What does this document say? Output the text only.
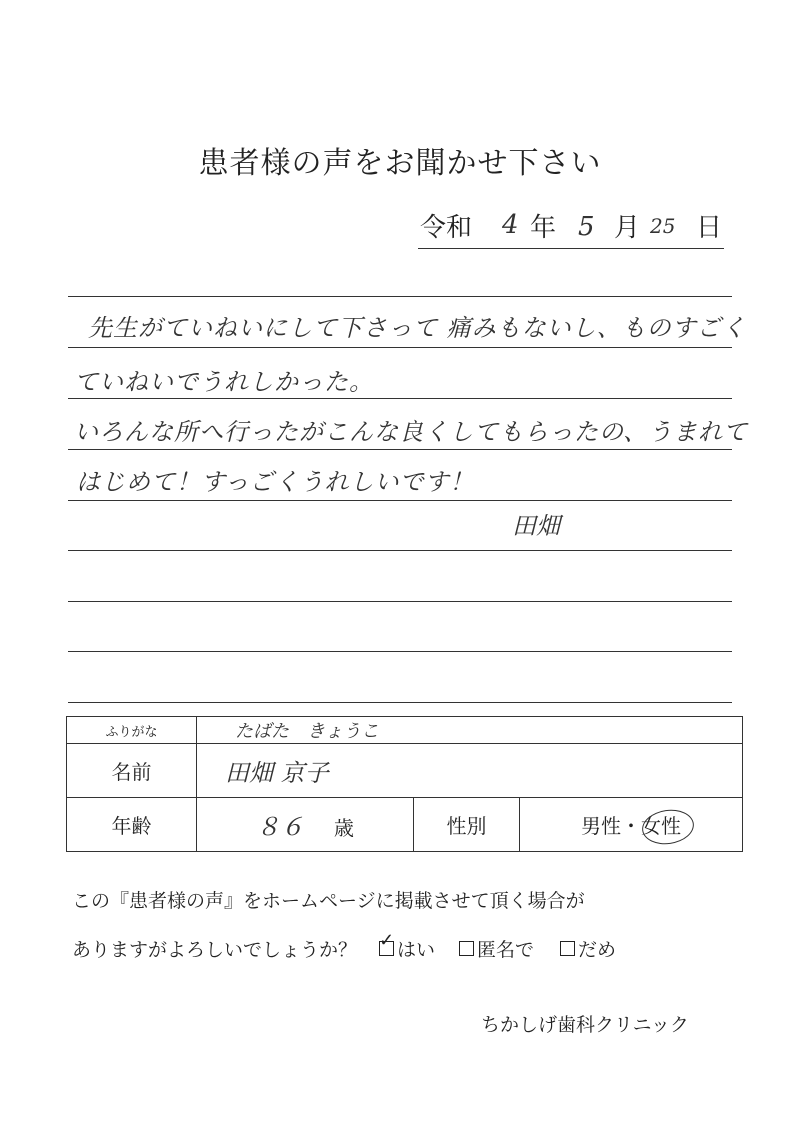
患者様の声をお聞かせ下さい
令和 4 年 5 月 25 日
先生がていねいにして下さって 痛みもないし、ものすごく
ていねいでうれしかった。
いろんな所へ行ったがこんな良くしてもらったの、うまれて
はじめて！すっごくうれしいです！
田畑
ふりがな	たばた　きょうこ		
名前	田畑 京子		
年齢	８６ 歳	性別	男性・女性
この『患者様の声』をホームページに掲載させて頂く場合が
ありますがよろしいでしょうか？ ✓ はい 匿名で だめ
ちかしげ歯科クリニック
